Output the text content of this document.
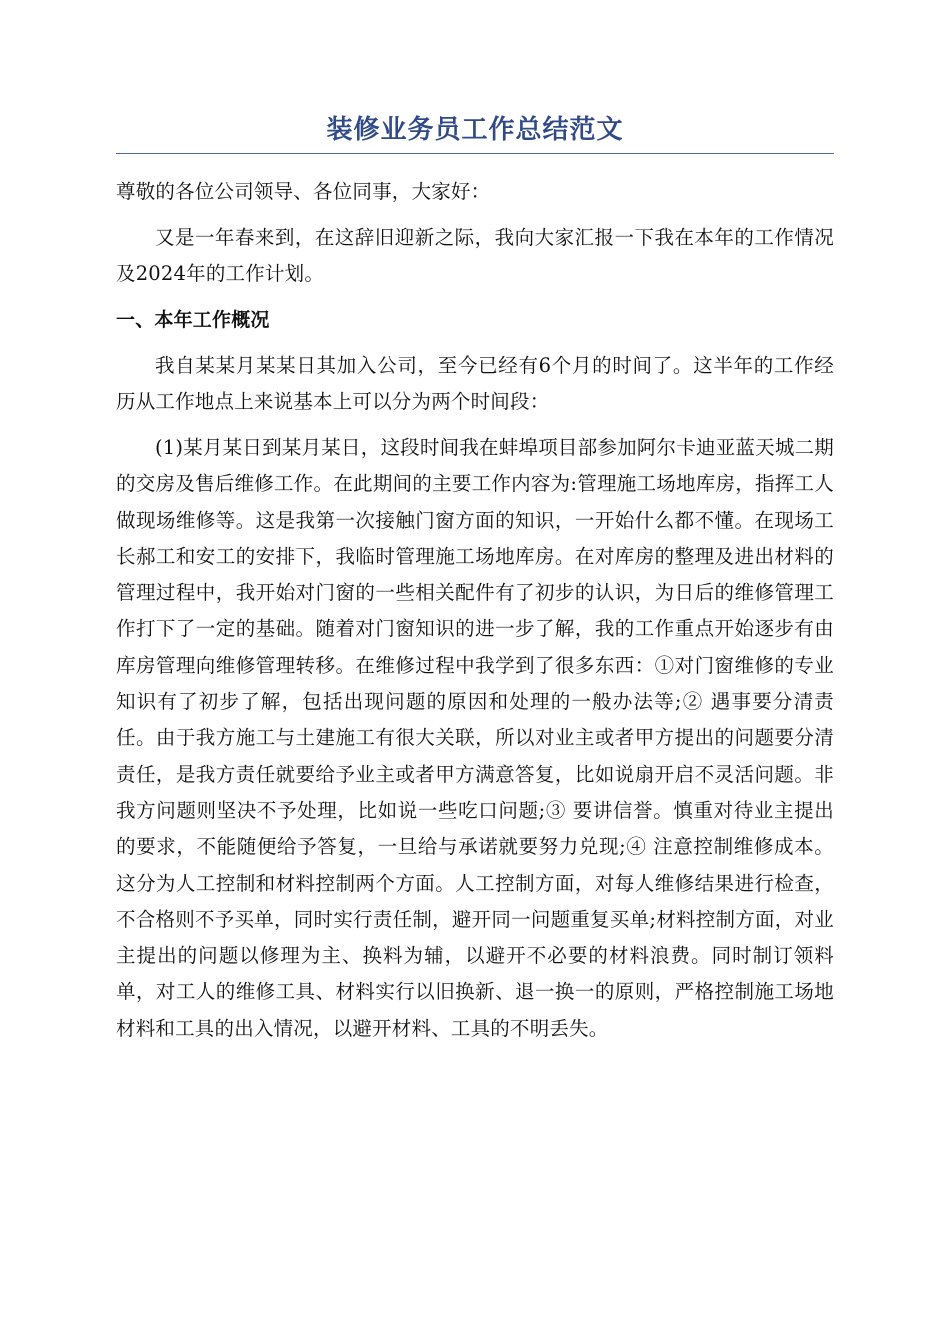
装修业务员工作总结范文

尊敬的各位公司领导、各位同事，大家好：

又是一年春来到，在这辞旧迎新之际，我向大家汇报一下我在本年的工作情况及2024年的工作计划。

一、本年工作概况

我自某某月某某日其加入公司，至今已经有6个月的时间了。这半年的工作经历从工作地点上来说基本上可以分为两个时间段：

(1)某月某日到某月某日，这段时间我在蚌埠项目部参加阿尔卡迪亚蓝天城二期的交房及售后维修工作。在此期间的主要工作内容为:管理施工场地库房，指挥工人做现场维修等。这是我第一次接触门窗方面的知识，一开始什么都不懂。在现场工长郝工和安工的安排下，我临时管理施工场地库房。在对库房的整理及进出材料的管理过程中，我开始对门窗的一些相关配件有了初步的认识，为日后的维修管理工作打下了一定的基础。随着对门窗知识的进一步了解，我的工作重点开始逐步有由库房管理向维修管理转移。在维修过程中我学到了很多东西：①对门窗维修的专业知识有了初步了解，包括出现问题的原因和处理的一般办法等;② 遇事要分清责任。由于我方施工与土建施工有很大关联，所以对业主或者甲方提出的问题要分清责任，是我方责任就要给予业主或者甲方满意答复，比如说扇开启不灵活问题。非我方问题则坚决不予处理，比如说一些吃口问题;③ 要讲信誉。慎重对待业主提出的要求，不能随便给予答复，一旦给与承诺就要努力兑现;④ 注意控制维修成本。这分为人工控制和材料控制两个方面。人工控制方面，对每人维修结果进行检查，不合格则不予买单，同时实行责任制，避开同一问题重复买单;材料控制方面，对业主提出的问题以修理为主、换料为辅，以避开不必要的材料浪费。同时制订领料单，对工人的维修工具、材料实行以旧换新、退一换一的原则，严格控制施工场地材料和工具的出入情况，以避开材料、工具的不明丢失。
